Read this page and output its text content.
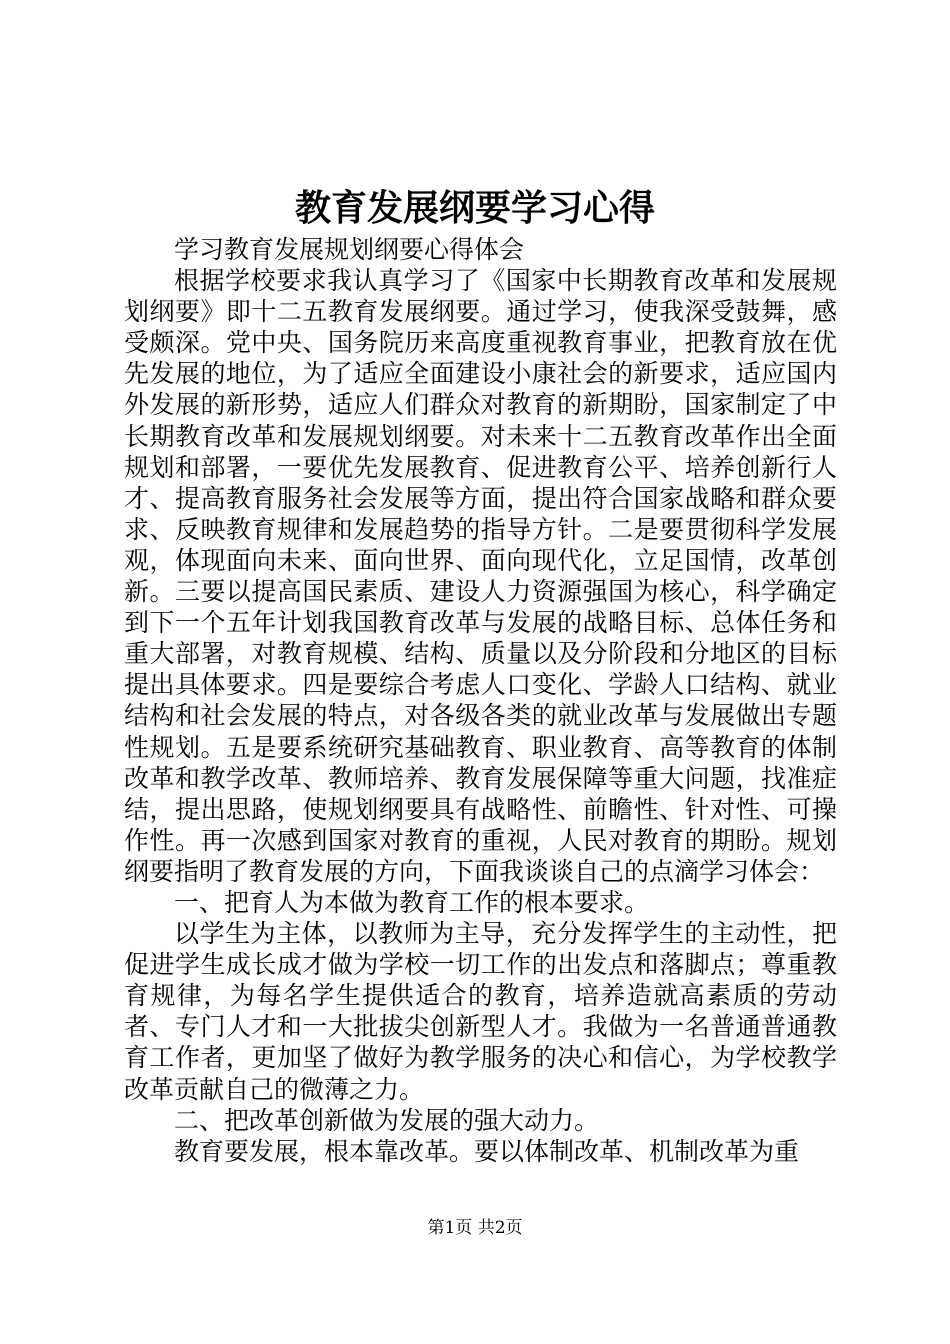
教育发展纲要学习心得

学习教育发展规划纲要心得体会

根据学校要求我认真学习了《国家中长期教育改革和发展规划纲要》即十二五教育发展纲要。通过学习，使我深受鼓舞，感受颇深。党中央、国务院历来高度重视教育事业，把教育放在优先发展的地位，为了适应全面建设小康社会的新要求，适应国内外发展的新形势，适应人们群众对教育的新期盼，国家制定了中长期教育改革和发展规划纲要。对未来十二五教育改革作出全面规划和部署，一要优先发展教育、促进教育公平、培养创新行人才、提高教育服务社会发展等方面，提出符合国家战略和群众要求、反映教育规律和发展趋势的指导方针。二是要贯彻科学发展观，体现面向未来、面向世界、面向现代化，立足国情，改革创新。三要以提高国民素质、建设人力资源强国为核心，科学确定到下一个五年计划我国教育改革与发展的战略目标、总体任务和重大部署，对教育规模、结构、质量以及分阶段和分地区的目标提出具体要求。四是要综合考虑人口变化、学龄人口结构、就业结构和社会发展的特点，对各级各类的就业改革与发展做出专题性规划。五是要系统研究基础教育、职业教育、高等教育的体制改革和教学改革、教师培养、教育发展保障等重大问题，找准症结，提出思路，使规划纲要具有战略性、前瞻性、针对性、可操作性。再一次感到国家对教育的重视，人民对教育的期盼。规划纲要指明了教育发展的方向，下面我谈谈自己的点滴学习体会：

一、把育人为本做为教育工作的根本要求。

以学生为主体，以教师为主导，充分发挥学生的主动性，把促进学生成长成才做为学校一切工作的出发点和落脚点；尊重教育规律，为每名学生提供适合的教育，培养造就高素质的劳动者、专门人才和一大批拔尖创新型人才。我做为一名普通普通教育工作者，更加坚了做好为教学服务的决心和信心，为学校教学改革贡献自己的微薄之力。

二、把改革创新做为发展的强大动力。

教育要发展，根本靠改革。要以体制改革、机制改革为重

第1页 共2页
